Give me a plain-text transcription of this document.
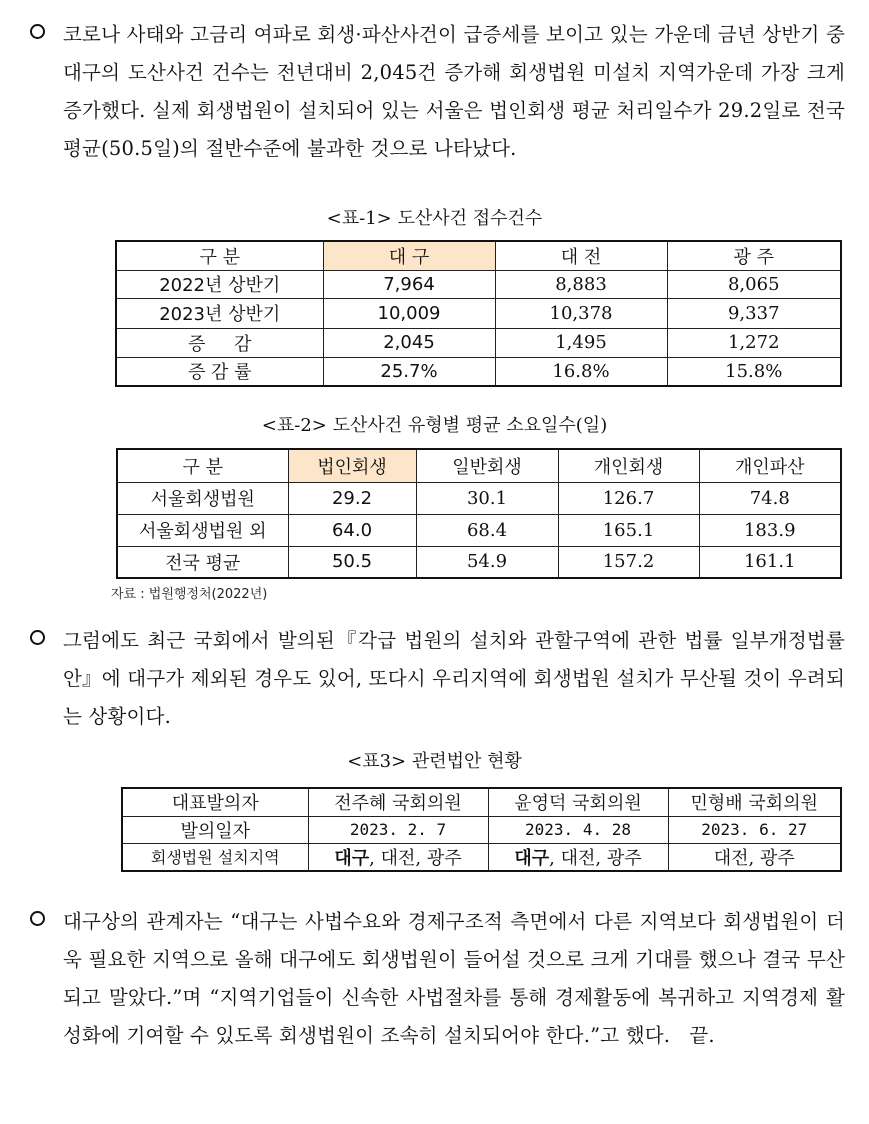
코로나 사태와 고금리 여파로 회생·파산사건이 급증세를 보이고 있는 가운데 금년 상반기 중 대구의 도산사건 건수는 전년대비 2,045건 증가해 회생법원 미설치 지역가운데 가장 크게 증가했다. 실제 회생법원이 설치되어 있는 서울은 법인회생 평균 처리일수가 29.2일로 전국평균(50.5일)의 절반수준에 불과한 것으로 나타났다.
<표-1> 도산사건 접수건수
구 분	대 구	대 전	광 주
2022년 상반기	7,964	8,883	8,065
2023년 상반기	10,009	10,378	9,337
증     감	2,045	1,495	1,272
증 감 률	25.7%	16.8%	15.8%
<표-2> 도산사건 유형별 평균 소요일수(일)
구 분	법인회생	일반회생	개인회생	개인파산
서울회생법원	29.2	30.1	126.7	74.8
서울회생법원 외	64.0	68.4	165.1	183.9
전국 평균	50.5	54.9	157.2	161.1
자료 : 법원행정처(2022년)
그럼에도 최근 국회에서 발의된『각급 법원의 설치와 관할구역에 관한 법률 일부개정법률안』에 대구가 제외된 경우도 있어, 또다시 우리지역에 회생법원 설치가 무산될 것이 우려되는 상황이다.
<표3> 관련법안 현황
대표발의자	전주혜 국회의원	윤영덕 국회의원	민형배 국회의원
발의일자	2023. 2. 7	2023. 4. 28	2023. 6. 27
회생법원 설치지역	대구, 대전, 광주	대구, 대전, 광주	대전, 광주
대구상의 관계자는 “대구는 사법수요와 경제구조적 측면에서 다른 지역보다 회생법원이 더욱 필요한 지역으로 올해 대구에도 회생법원이 들어설 것으로 크게 기대를 했으나 결국 무산되고 말았다.”며 “지역기업들이 신속한 사법절차를 통해 경제활동에 복귀하고 지역경제 활성화에 기여할 수 있도록 회생법원이 조속히 설치되어야 한다.”고 했다.   끝.
